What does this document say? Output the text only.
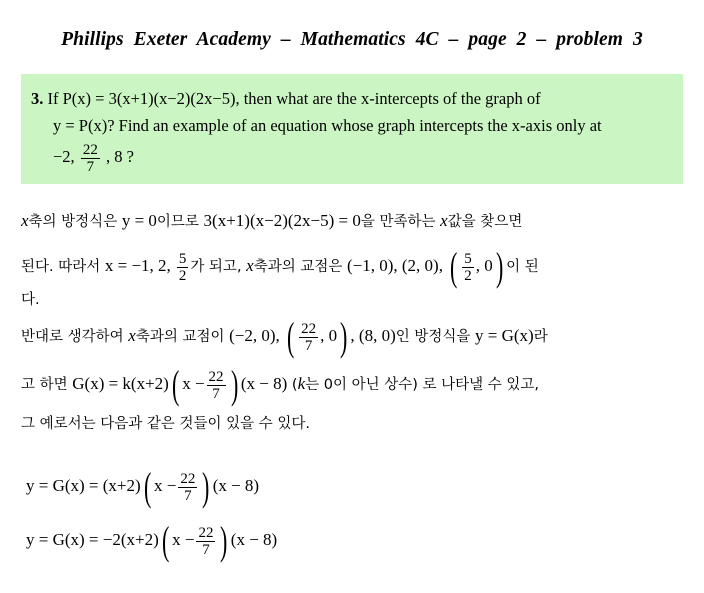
Phillips  Exeter  Academy  –  Mathematics  4C  –  page  2  –  problem  3
3. If P(x) = 3(x+1)(x−2)(2x−5), then what are the x-intercepts of the graph of
y = P(x)? Find an example of an equation whose graph intercepts the x-axis only at
−2, $\frac{22}{7}$ , 8 ?
x축의 방정식은 y = 0이므로 3(x+1)(x−2)(2x−5) = 0을 만족하는 x값을 찾으면
된다. 따라서 x = −1, 2, $\frac{5}{2}$ 가 되고, x축과의 교점은 (−1, 0), (2, 0), ( $\frac{5}{2}$ , 0) 이 된
다.
반대로 생각하여 x축과의 교점이 (−2, 0), ( $\frac{22}{7}$ , 0) , (8, 0)인 방정식을 y = G(x)라
고 하면 G(x) = k(x+2)( $x - \frac{22}{7}$ ) (x − 8) (k는 0이 아닌 상수) 로 나타낼 수 있고,
그 예로서는 다음과 같은 것들이 있을 수 있다.
y = G(x) = (x+2)( $x - \frac{22}{7}$ ) (x − 8)
y = G(x) = −2(x+2)( $x - \frac{22}{7}$ ) (x − 8)
